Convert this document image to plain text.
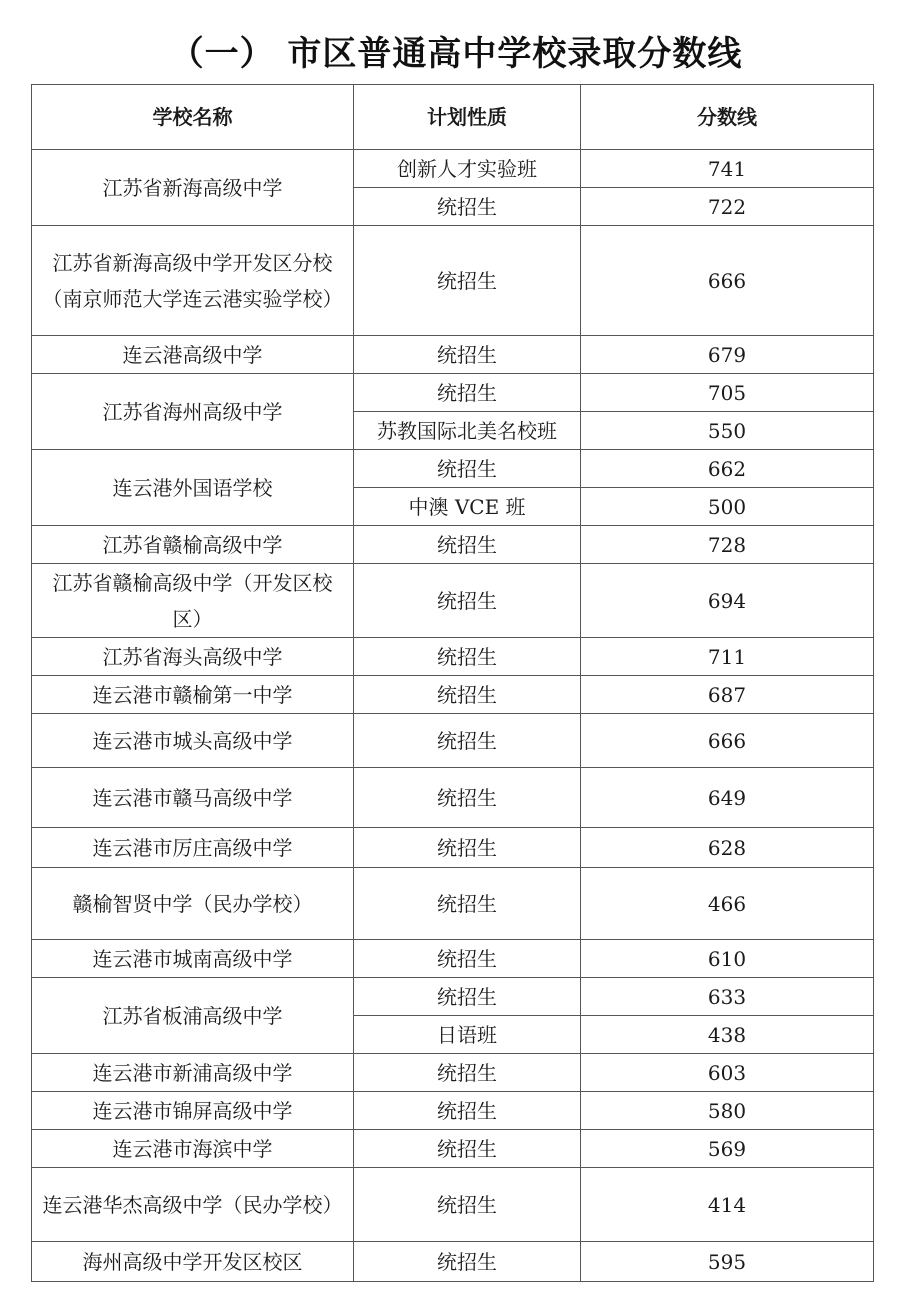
（一） 市区普通高中学校录取分数线
学校名称	计划性质	分数线
江苏省新海高级中学	创新人才实验班	741
	统招生	722
江苏省新海高级中学开发区分校（南京师范大学连云港实验学校）	统招生	666
连云港高级中学	统招生	679
江苏省海州高级中学	统招生	705
	苏教国际北美名校班	550
连云港外国语学校	统招生	662
	中澳 VCE 班	500
江苏省赣榆高级中学	统招生	728
江苏省赣榆高级中学（开发区校区）	统招生	694
江苏省海头高级中学	统招生	711
连云港市赣榆第一中学	统招生	687
连云港市城头高级中学	统招生	666
连云港市赣马高级中学	统招生	649
连云港市厉庄高级中学	统招生	628
赣榆智贤中学（民办学校）	统招生	466
连云港市城南高级中学	统招生	610
江苏省板浦高级中学	统招生	633
	日语班	438
连云港市新浦高级中学	统招生	603
连云港市锦屏高级中学	统招生	580
连云港市海滨中学	统招生	569
连云港华杰高级中学（民办学校）	统招生	414
海州高级中学开发区校区	统招生	595
